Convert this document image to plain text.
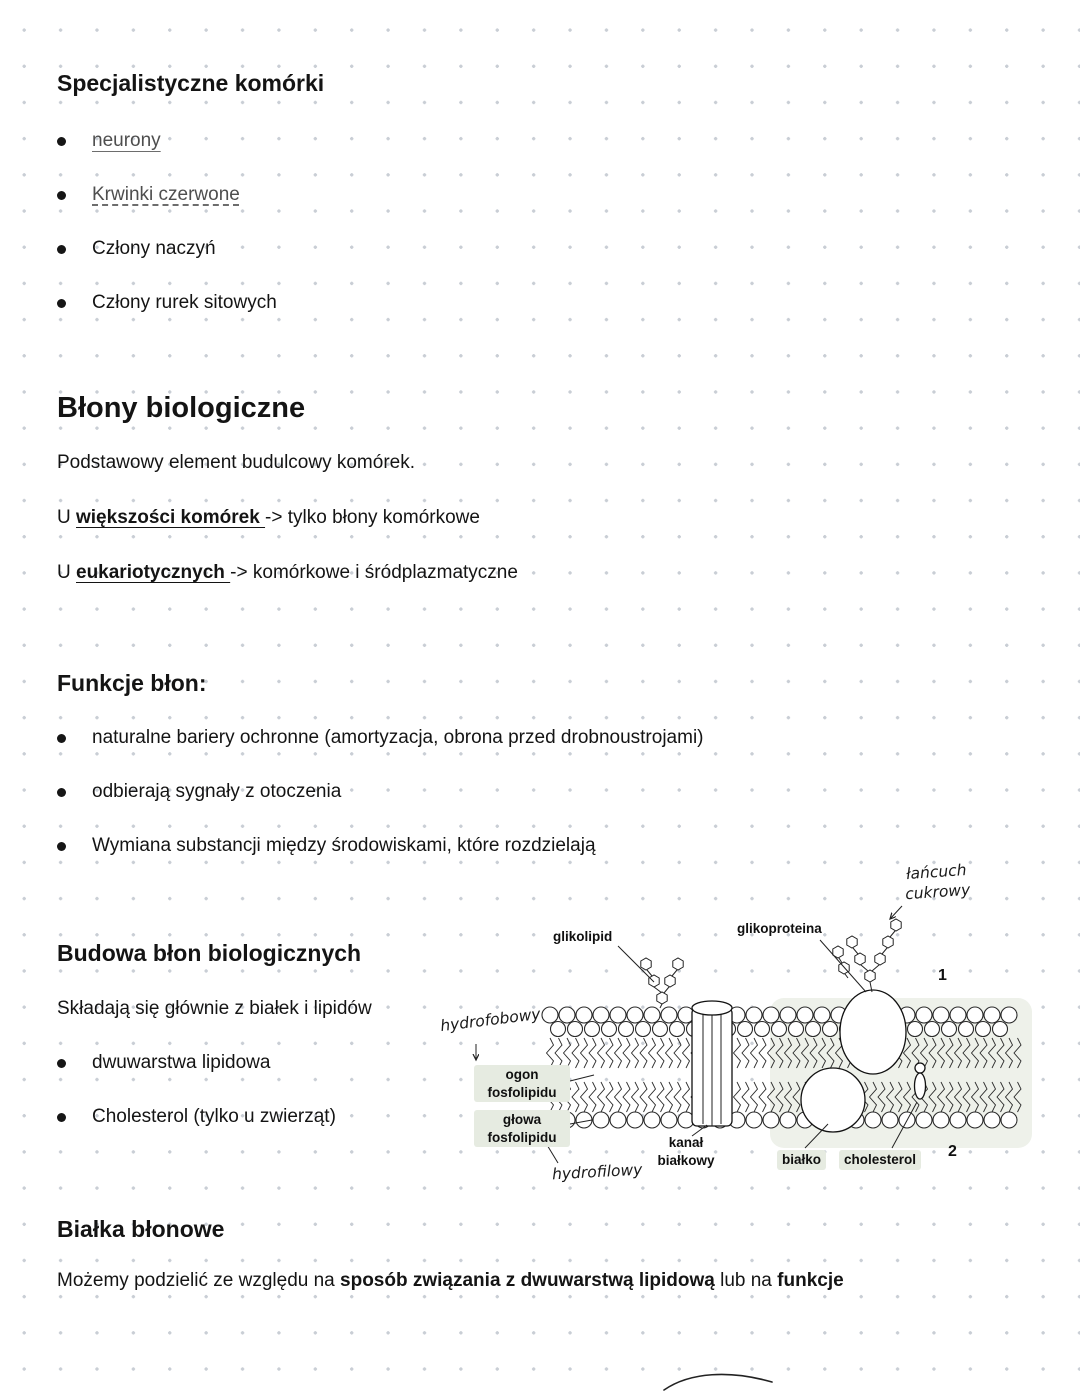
Specjalistyczne komórki
neurony
Krwinki czerwone
Człony naczyń
Człony rurek sitowych
Błony biologiczne

Podstawowy element budulcowy komórek.

U większości komórek -> tylko błony komórkowe

U eukariotycznych -> komórkowe i śródplazmatyczne

Funkcje błon:
naturalne bariery ochronne (amortyzacja, obrona przed drobnoustrojami)
odbierają sygnały z otoczenia
Wymiana substancji między środowiskami, które rozdzielają
Budowa błon biologicznych

Składają się głównie z białek i lipidów

dwuwarstwa lipidowa
Cholesterol (tylko u zwierząt)
Białka błonowe

Możemy podzielić ze względu na sposób związania z dwuwarstwą lipidową lub na funkcje

glikolipid
glikoproteina
łańcuch cukrowy
1
hydrofobowy
ogon fosfolipidu
głowa fosfolipidu	kanał białkowy
hydrofilowy
białko	cholesterol	2
